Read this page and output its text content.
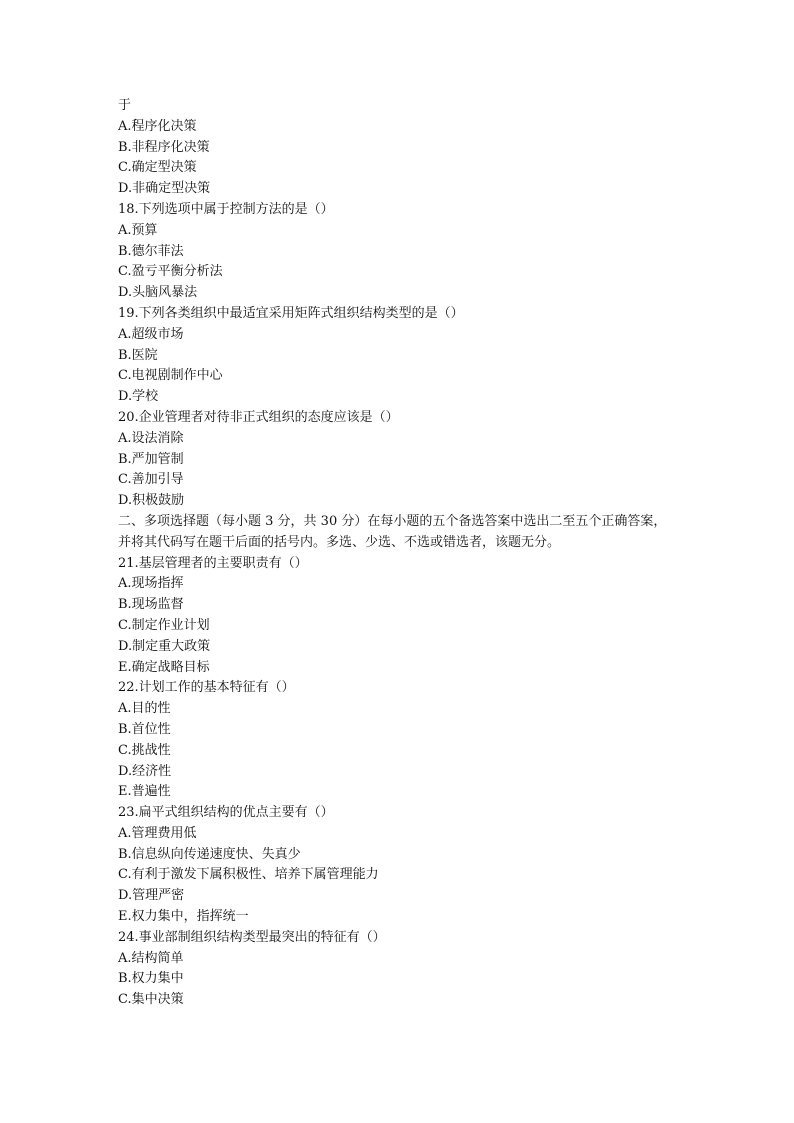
于

A.程序化决策

B.非程序化决策

C.确定型决策

D.非确定型决策

18.下列选项中属于控制方法的是（）

A.预算

B.德尔菲法

C.盈亏平衡分析法

D.头脑风暴法

19.下列各类组织中最适宜采用矩阵式组织结构类型的是（）

A.超级市场

B.医院

C.电视剧制作中心

D.学校

20.企业管理者对待非正式组织的态度应该是（）

A.设法消除

B.严加管制

C.善加引导

D.积极鼓励

二、多项选择题（每小题 3 分，共 30 分）在每小题的五个备选答案中选出二至五个正确答案，并将其代码写在题干后面的括号内。多选、少选、不选或错选者，该题无分。

21.基层管理者的主要职责有（）

A.现场指挥

B.现场监督

C.制定作业计划

D.制定重大政策

E.确定战略目标

22.计划工作的基本特征有（）

A.目的性

B.首位性

C.挑战性

D.经济性

E.普遍性

23.扁平式组织结构的优点主要有（）

A.管理费用低

B.信息纵向传递速度快、失真少

C.有利于激发下属积极性、培养下属管理能力

D.管理严密

E.权力集中，指挥统一

24.事业部制组织结构类型最突出的特征有（）

A.结构简单

B.权力集中

C.集中决策
